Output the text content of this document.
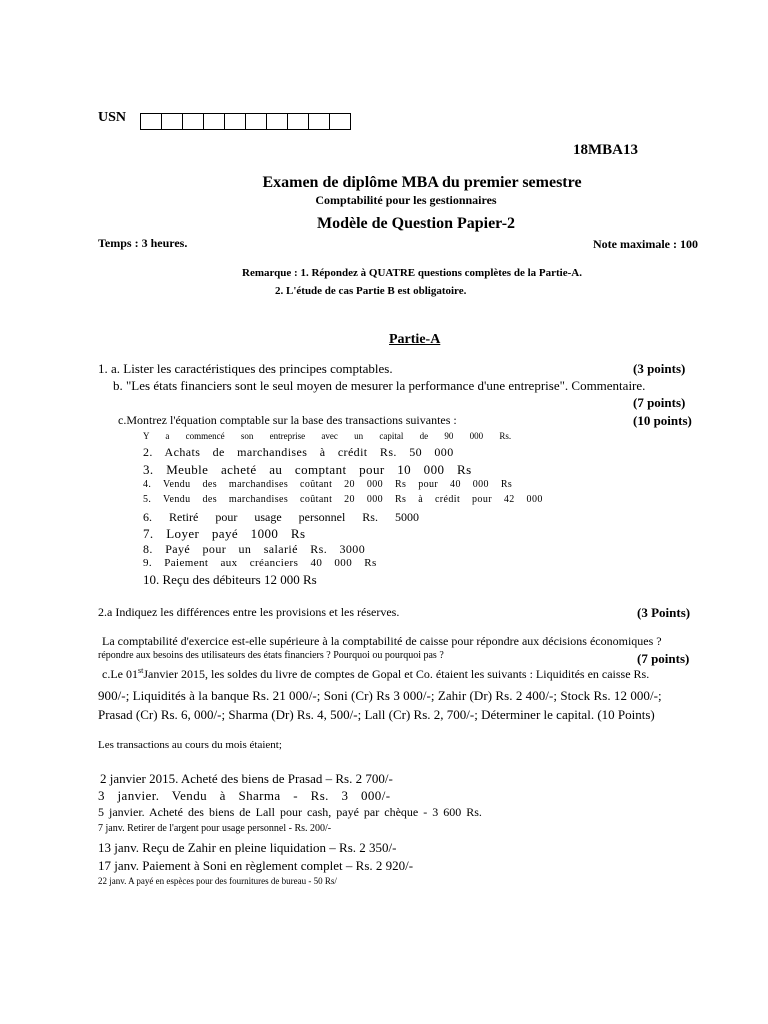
USN
18MBA13
Examen de diplôme MBA du premier semestre
Comptabilité pour les gestionnaires
Modèle de Question Papier-2
Temps : 3 heures.	Note maximale : 100
Remarque : 1. Répondez à QUATRE questions complètes de la Partie-A.
2. L'étude de cas Partie B est obligatoire.
Partie-A
1. a. Lister les caractéristiques des principes comptables.	(3 points)
b. "Les états financiers sont le seul moyen de mesurer la performance d'une entreprise". Commentaire.
(7 points)
c.Montrez l'équation comptable sur la base des transactions suivantes :	(10 points)
Y a commencé son entreprise avec un capital de 90 000 Rs.
2. Achats de marchandises à crédit Rs. 50 000
3. Meuble acheté au comptant pour 10 000 Rs
4. Vendu des marchandises coûtant 20 000 Rs pour 40 000 Rs
5. Vendu des marchandises coûtant 20 000 Rs à crédit pour 42 000
6. Retiré pour usage personnel Rs. 5000
7. Loyer payé 1000 Rs
8. Payé pour un salarié Rs. 3000
9. Paiement aux créanciers 40 000 Rs
10. Reçu des débiteurs 12 000 Rs
2.a Indiquez les différences entre les provisions et les réserves.	(3 Points)
La comptabilité d'exercice est-elle supérieure à la comptabilité de caisse pour répondre aux décisions économiques ?
répondre aux besoins des utilisateurs des états financiers ? Pourquoi ou pourquoi pas ?	(7 points)
c.Le 01stJanvier 2015, les soldes du livre de comptes de Gopal et Co. étaient les suivants : Liquidités en caisse Rs.
900/-; Liquidités à la banque Rs. 21 000/-; Soni (Cr) Rs 3 000/-; Zahir (Dr) Rs. 2 400/-; Stock Rs. 12 000/-;
Prasad (Cr) Rs. 6, 000/-; Sharma (Dr) Rs. 4, 500/-; Lall (Cr) Rs. 2, 700/-; Déterminer le capital. (10 Points)
Les transactions au cours du mois étaient;
2 janvier 2015. Acheté des biens de Prasad – Rs. 2 700/-
3 janvier. Vendu à Sharma - Rs. 3 000/-
5 janvier. Acheté des biens de Lall pour cash, payé par chèque - 3 600 Rs.
7 janv. Retirer de l'argent pour usage personnel - Rs. 200/-
13 janv. Reçu de Zahir en pleine liquidation – Rs. 2 350/-
17 janv. Paiement à Soni en règlement complet – Rs. 2 920/-
22 janv. A payé en espèces pour des fournitures de bureau - 50 Rs/
